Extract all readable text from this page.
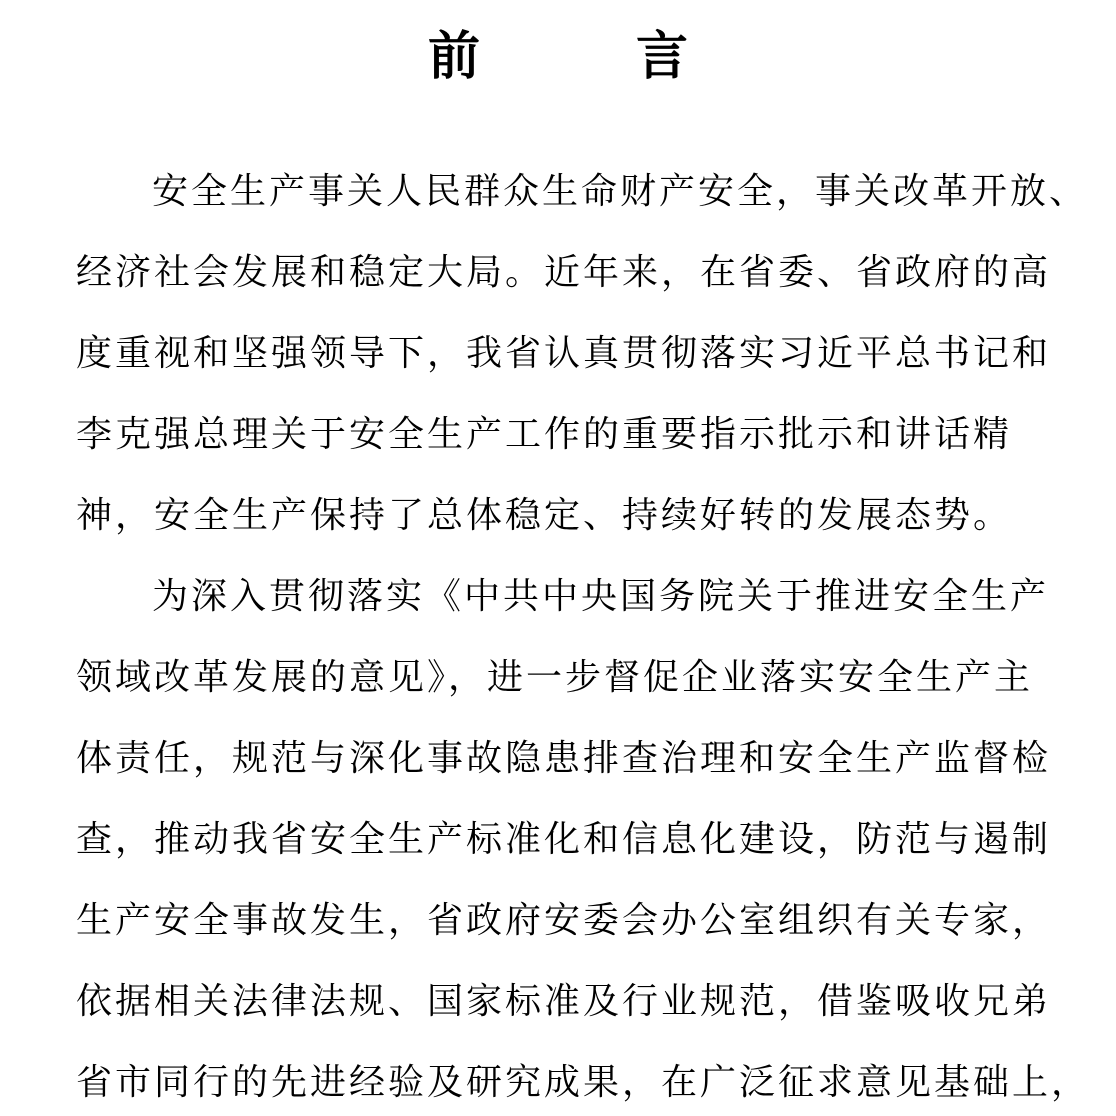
前　言

安全生产事关人民群众生命财产安全，事关改革开放、

经济社会发展和稳定大局。近年来，在省委、省政府的高

度重视和坚强领导下，我省认真贯彻落实习近平总书记和

李克强总理关于安全生产工作的重要指示批示和讲话精

神，安全生产保持了总体稳定、持续好转的发展态势。

为深入贯彻落实《中共中央国务院关于推进安全生产

领域改革发展的意见》，进一步督促企业落实安全生产主

体责任，规范与深化事故隐患排查治理和安全生产监督检

查，推动我省安全生产标准化和信息化建设，防范与遏制

生产安全事故发生，省政府安委会办公室组织有关专家，

依据相关法律法规、国家标准及行业规范，借鉴吸收兄弟

省市同行的先进经验及研究成果，在广泛征求意见基础上，
